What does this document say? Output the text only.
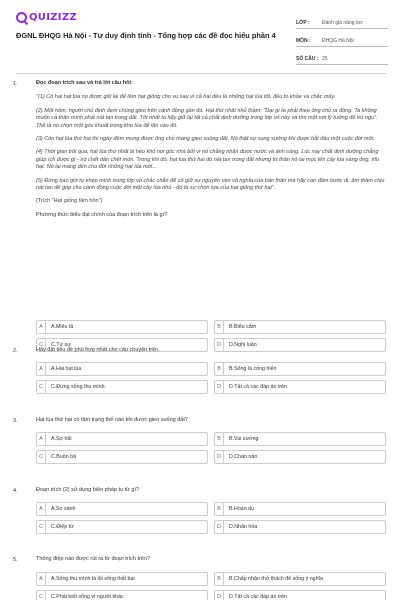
QUIZIZZ
ĐGNL ĐHQG Hà Nội - Tư duy định tính - Tổng hợp các đề đọc hiểu phần 4
LỚP :	Đánh giá năng lực
MÔN :	ĐHQG Hà Nội
SỐ CÂU : 25
1.	Đọc đoạn trích sau và trả lời câu hỏi:

"(1) Có hai hạt lúa nọ được giữ lại để làm hạt giống cho vụ sau vì cả hai đều là những hạt lúa tốt, đều to khỏe và chắc mẩy.

(2) Một hôm, người chủ định đem chúng gieo trên cánh đồng gần đó. Hạt thứ nhất nhủ thầm: "Dại gì ta phải theo ông chủ ra đồng. Ta không muốn cả thân mình phải nát tan trong đất. Tốt nhất ta hãy giữ lại tất cả chất dinh dưỡng trong lớp vỏ này và tìm một nơi lý tưởng để trú ngụ". Thế là nó chọn một góc khuất trong kho lúa để lăn vào đó.

(3) Còn hạt lúa thứ hai thì ngày đêm mong được ông chủ mang gieo xuống đất. Nó thật sự sung sướng khi được bắt đầu một cuộc đời mới.

(4) Thời gian trôi qua, hạt lúa thứ nhất bị héo khô nơi góc nhà bởi vì nó chẳng nhận được nước và ánh sáng. Lúc này chất dinh dưỡng chẳng giúp ích được gì - nó chết dần chết mòn. Trong khi đó, hạt lúa thứ hai dù nát tan trong đất nhưng từ thân nó lại mọc lên cây lúa vàng óng, trĩu hạt. Nó lại mang đến cho đời những hạt lúa mới...

(5) Đừng bao giờ tự khép mình trong lớp vỏ chắc chắn để cố giữ sự nguyên vẹn vô nghĩa của bản thân mà hãy can đảm bước đi, âm thầm chịu nát tan để góp cho cánh đồng cuộc đời một cây lúa nhỏ - đó là sự chọn lựa của hạt giống thứ hai".

(Trích "Hạt giống tâm hồn")

Phương thức biểu đạt chính của đoạn trích trên là gì?
A	A.Miêu tả	B	B.Biểu cảm
C	C.Tự sự	D	D.Nghị luận
2.	Hãy đặt tiêu đề phù hợp nhất cho câu chuyện trên.
A	A.Hai hạt lúa	B	B.Sống là cống hiến
C	C.Đừng sống thu mình	D	D.Tất cả các đáp án trên
3.	Hạt lúa thứ hai có tâm trạng thế nào khi được gieo xuống đất?
A	A.Sợ hãi	B	B.Vui sướng
C	C.Buồn bã	D	D.Chán nản
4.	Đoạn trích (2) sử dụng biện pháp tu từ gì?
A	A.So sánh	B	B.Hoán dụ
C	C.Điệp từ	D	D.Nhân hóa
5.	Thông điệp nào được rút ra từ đoạn trích trên?
A	A.Sống thu mình là lối sống thất bại	B	B.Chấp nhận thử thách để sống ý nghĩa
C	C.Phải biết sống vì người khác	D	D.Tất cả các đáp án trên
